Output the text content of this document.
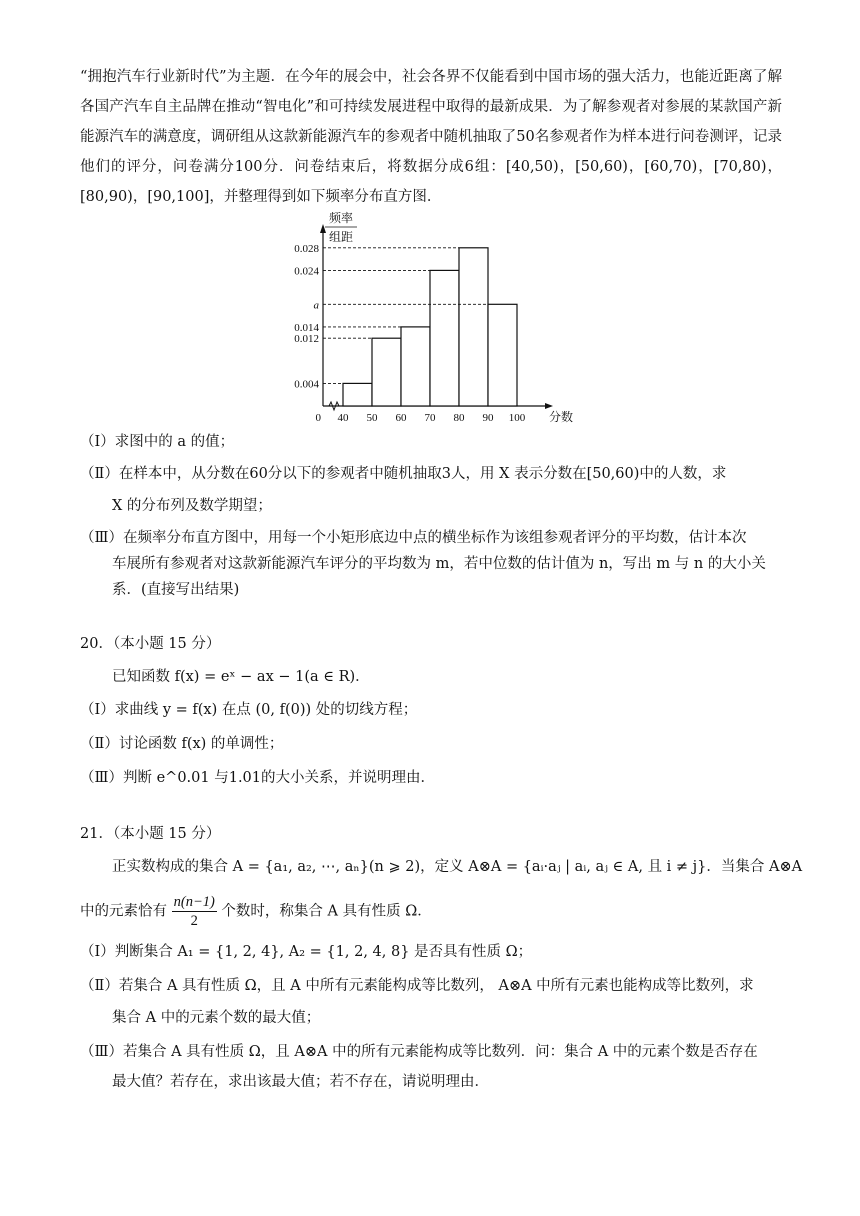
“拥抱汽车行业新时代”为主题．在今年的展会中，社会各界不仅能看到中国市场的强大活力，也能近距离了解各国产汽车自主品牌在推动“智电化”和可持续发展进程中取得的最新成果．为了解参观者对参展的某款国产新能源汽车的满意度，调研组从这款新能源汽车的参观者中随机抽取了50名参观者作为样本进行问卷测评，记录他们的评分，问卷满分100分．问卷结束后，将数据分成6组：[40,50)，[50,60)，[60,70)，[70,80)，[80,90)，[90,100]，并整理得到如下频率分布直方图．
0.004
0.012
0.014
a
0.024
0.028
40 50 60 70 80 90 100
0	分数
频率
组距
（Ⅰ）求图中的 a 的值；
（Ⅱ）在样本中，从分数在60分以下的参观者中随机抽取3人，用 X 表示分数在[50,60)中的人数，求
X 的分布列及数学期望；
（Ⅲ）在频率分布直方图中，用每一个小矩形底边中点的横坐标作为该组参观者评分的平均数，估计本次
车展所有参观者对这款新能源汽车评分的平均数为 m，若中位数的估计值为 n，写出 m 与 n 的大小关
系．(直接写出结果)
20．（本小题 15 分）
已知函数 f(x) = eˣ − ax − 1(a ∈ R)．
（Ⅰ）求曲线 y = f(x) 在点 (0, f(0)) 处的切线方程；
（Ⅱ）讨论函数 f(x) 的单调性；
（Ⅲ）判断 e^0.01 与1.01的大小关系，并说明理由．
21．（本小题 15 分）
正实数构成的集合 A = {a₁, a₂, ⋯, aₙ}(n ⩾ 2)，定义 A⊗A = {aᵢ·aⱼ | aᵢ, aⱼ ∈ A, 且 i ≠ j}．当集合 A⊗A
中的元素恰有 $\frac{n(n-1)}{2}$ 个数时，称集合 A 具有性质 Ω．
（Ⅰ）判断集合 A₁ = {1, 2, 4}, A₂ = {1, 2, 4, 8} 是否具有性质 Ω；
（Ⅱ）若集合 A 具有性质 Ω，且 A 中所有元素能构成等比数列， A⊗A 中所有元素也能构成等比数列，求
集合 A 中的元素个数的最大值；
（Ⅲ）若集合 A 具有性质 Ω，且 A⊗A 中的所有元素能构成等比数列．问：集合 A 中的元素个数是否存在
最大值？若存在，求出该最大值；若不存在，请说明理由．
